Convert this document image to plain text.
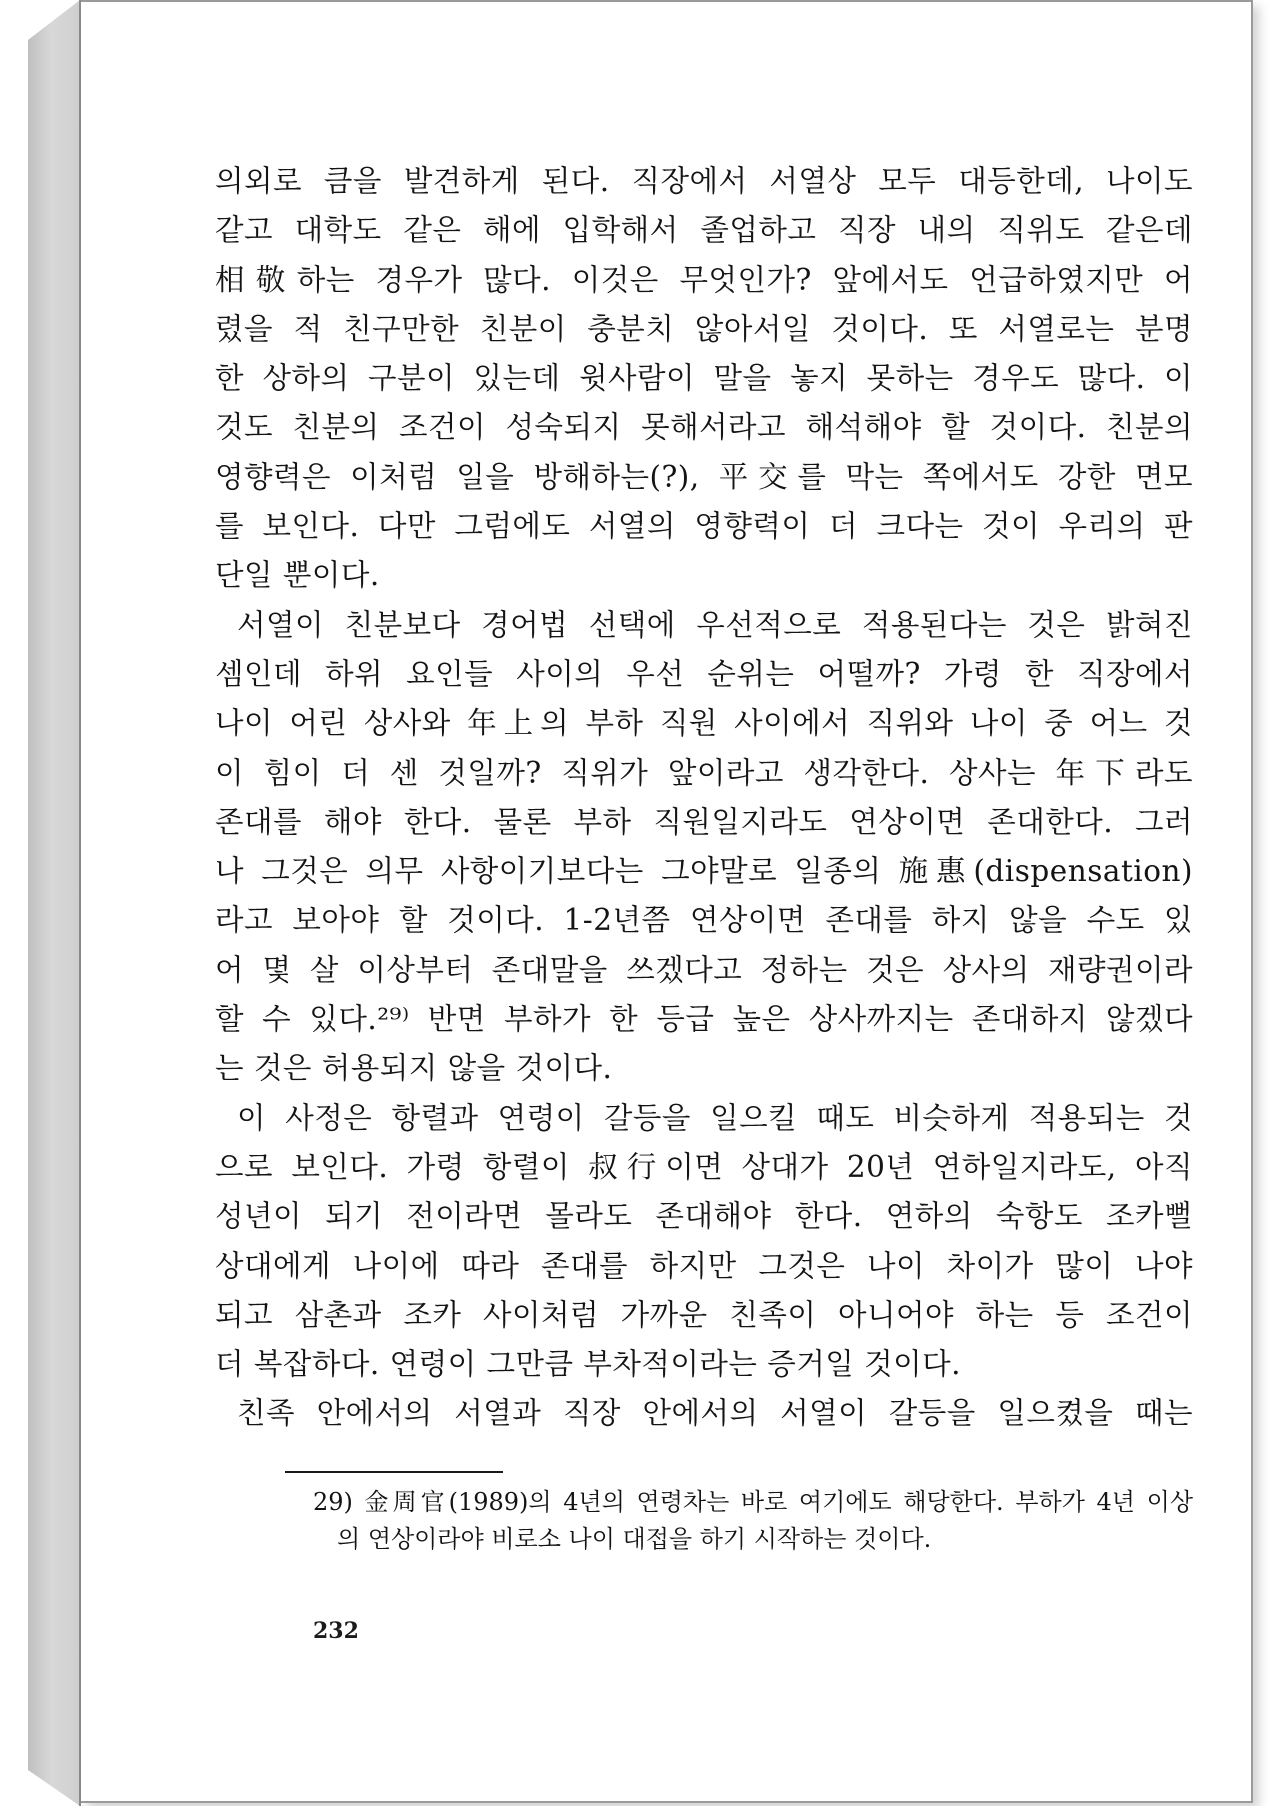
의외로 큼을 발견하게 된다. 직장에서 서열상 모두 대등한데, 나이도
같고 대학도 같은 해에 입학해서 졸업하고 직장 내의 직위도 같은데
相敬하는 경우가 많다. 이것은 무엇인가? 앞에서도 언급하였지만 어
렸을 적 친구만한 친분이 충분치 않아서일 것이다. 또 서열로는 분명
한 상하의 구분이 있는데 윗사람이 말을 놓지 못하는 경우도 많다. 이
것도 친분의 조건이 성숙되지 못해서라고 해석해야 할 것이다. 친분의
영향력은 이처럼 일을 방해하는(?), 平交를 막는 쪽에서도 강한 면모
를 보인다. 다만 그럼에도 서열의 영향력이 더 크다는 것이 우리의 판
단일 뿐이다.
서열이 친분보다 경어법 선택에 우선적으로 적용된다는 것은 밝혀진
셈인데 하위 요인들 사이의 우선 순위는 어떨까? 가령 한 직장에서
나이 어린 상사와 年上의 부하 직원 사이에서 직위와 나이 중 어느 것
이 힘이 더 센 것일까? 직위가 앞이라고 생각한다. 상사는 年下라도
존대를 해야 한다. 물론 부하 직원일지라도 연상이면 존대한다. 그러
나 그것은 의무 사항이기보다는 그야말로 일종의 施惠(dispensation)
라고 보아야 할 것이다. 1-2년쯤 연상이면 존대를 하지 않을 수도 있
어 몇 살 이상부터 존대말을 쓰겠다고 정하는 것은 상사의 재량권이라
할 수 있다.²⁹⁾ 반면 부하가 한 등급 높은 상사까지는 존대하지 않겠다
는 것은 허용되지 않을 것이다.
이 사정은 항렬과 연령이 갈등을 일으킬 때도 비슷하게 적용되는 것
으로 보인다. 가령 항렬이 叔行이면 상대가 20년 연하일지라도, 아직
성년이 되기 전이라면 몰라도 존대해야 한다. 연하의 숙항도 조카뻘
상대에게 나이에 따라 존대를 하지만 그것은 나이 차이가 많이 나야
되고 삼촌과 조카 사이처럼 가까운 친족이 아니어야 하는 등 조건이
더 복잡하다. 연령이 그만큼 부차적이라는 증거일 것이다.
친족 안에서의 서열과 직장 안에서의 서열이 갈등을 일으켰을 때는
29) 金周官(1989)의 4년의 연령차는 바로 여기에도 해당한다. 부하가 4년 이상
의 연상이라야 비로소 나이 대접을 하기 시작하는 것이다.
232
